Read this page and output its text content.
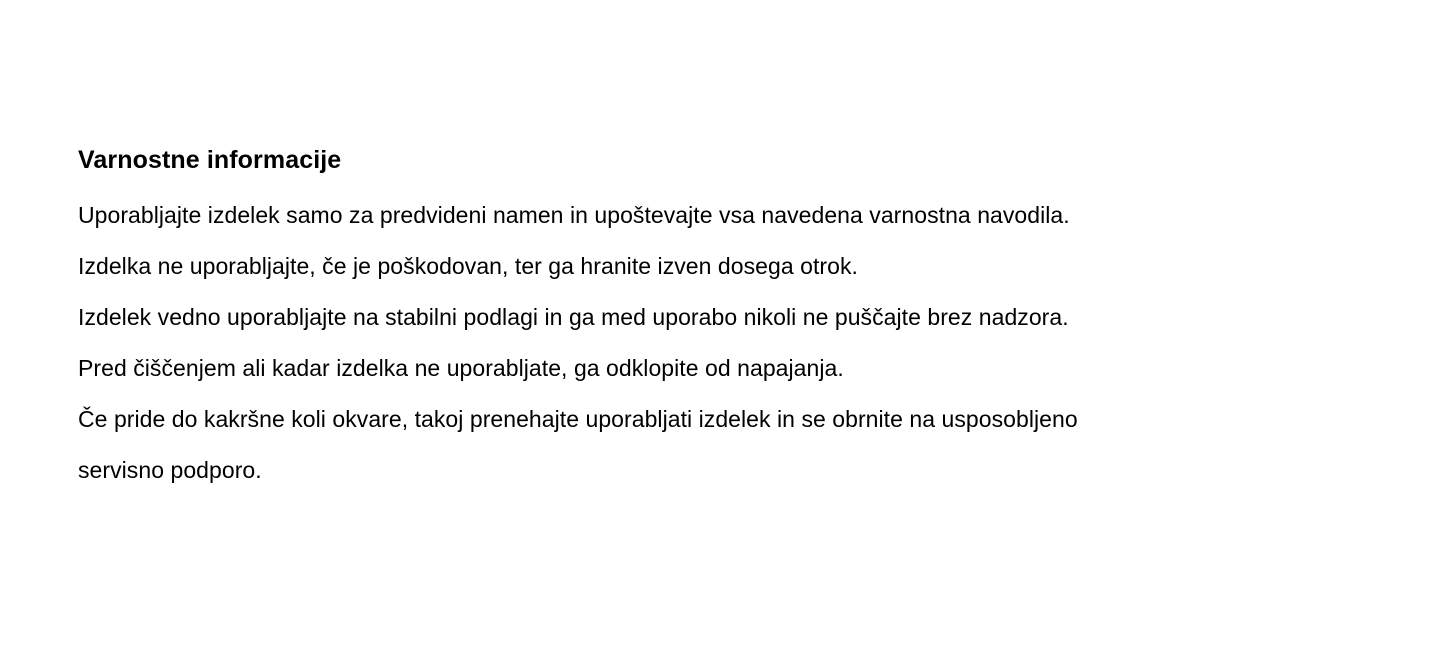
Varnostne informacije
Uporabljajte izdelek samo za predvideni namen in upoštevajte vsa navedena varnostna navodila.
Izdelka ne uporabljajte, če je poškodovan, ter ga hranite izven dosega otrok.
Izdelek vedno uporabljajte na stabilni podlagi in ga med uporabo nikoli ne puščajte brez nadzora.
Pred čiščenjem ali kadar izdelka ne uporabljate, ga odklopite od napajanja.
Če pride do kakršne koli okvare, takoj prenehajte uporabljati izdelek in se obrnite na usposobljeno
servisno podporo.
